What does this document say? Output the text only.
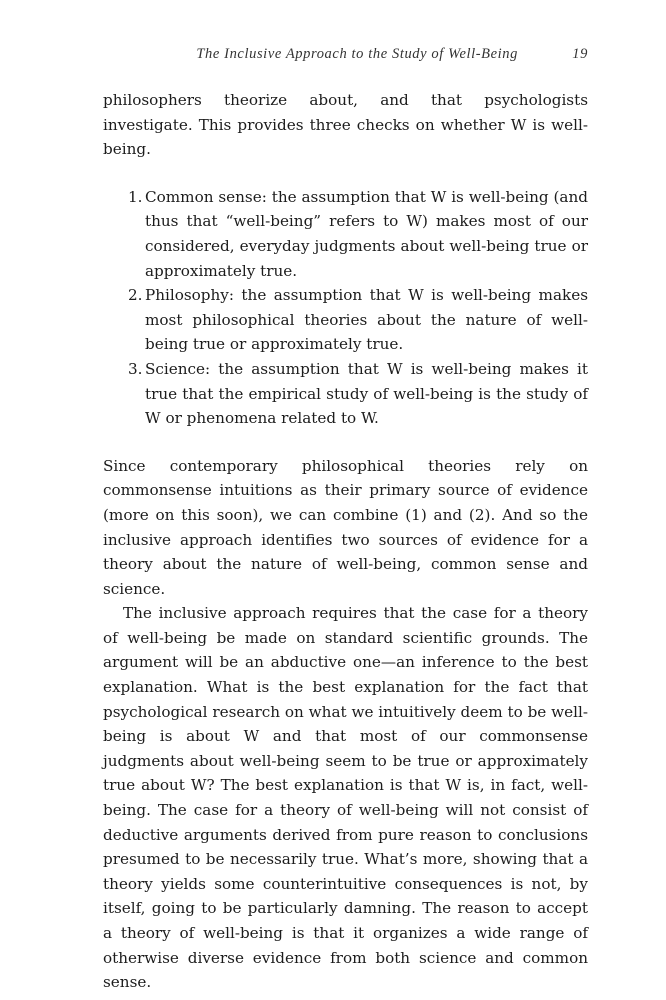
The Inclusive Approach to the Study of Well-Being	19

philosophers theorize about, and that psychologists investigate. This provides three checks on whether W is well-being.

1. Common sense: the assumption that W is well-being (and thus that “well-being” refers to W) makes most of our considered, everyday judgments about well-being true or approximately true.
2. Philosophy: the assumption that W is well-being makes most philosophical theories about the nature of well-being true or approximately true.
3. Science: the assumption that W is well-being makes it true that the empirical study of well-being is the study of W or phenomena related to W.

Since contemporary philosophical theories rely on commonsense intuitions as their primary source of evidence (more on this soon), we can combine (1) and (2). And so the inclusive approach identifies two sources of evidence for a theory about the nature of well-being, common sense and science.

The inclusive approach requires that the case for a theory of well-being be made on standard scientific grounds. The argument will be an abductive one—an inference to the best explanation. What is the best explanation for the fact that psychological research on what we intuitively deem to be well-being is about W and that most of our commonsense judgments about well-being seem to be true or approximately true about W? The best explanation is that W is, in fact, well-being. The case for a theory of well-being will not consist of deductive arguments derived from pure reason to conclusions presumed to be necessarily true. What’s more, showing that a theory yields some counterintuitive consequences is not, by itself, going to be particularly damning. The reason to accept a theory of well-being is that it organizes a wide range of otherwise diverse evidence from both science and common sense.
